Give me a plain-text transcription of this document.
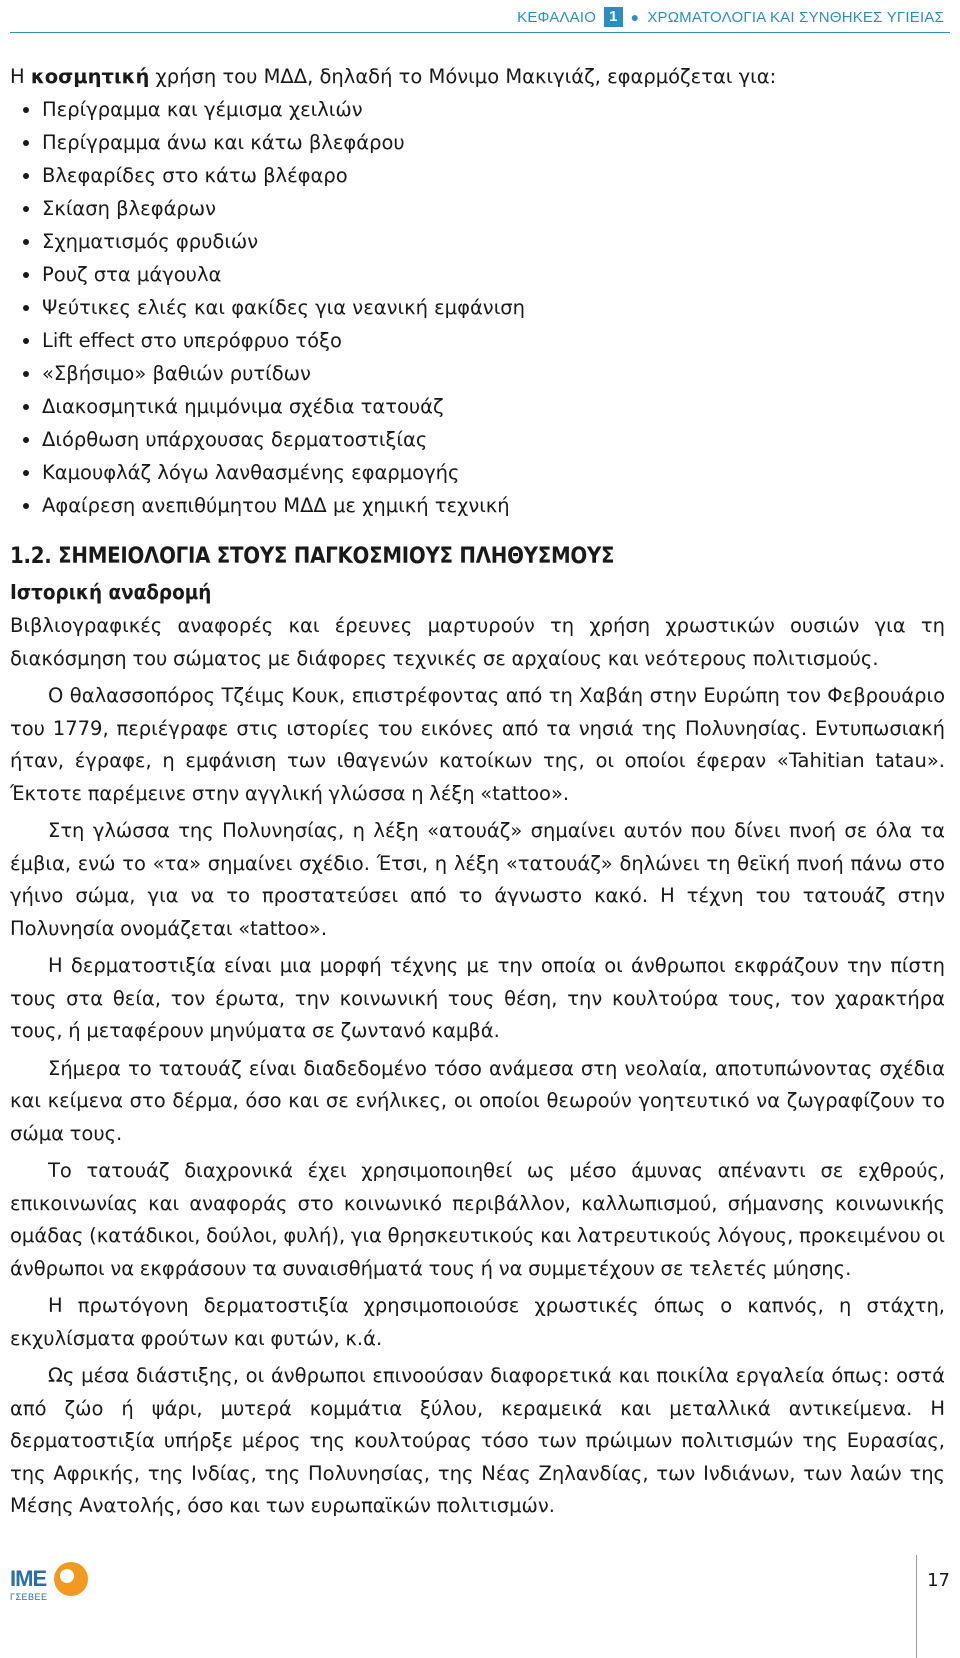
ΚΕΦΑΛΑΙΟ 1 ● ΧΡΩΜΑΤΟΛΟΓΙΑ ΚΑΙ ΣΥΝΘΗΚΕΣ ΥΓΙΕΙΑΣ

Η κοσμητική χρήση του ΜΔΔ, δηλαδή το Μόνιμο Μακιγιάζ, εφαρμόζεται για:

Περίγραμμα και γέμισμα χειλιών
Περίγραμμα άνω και κάτω βλεφάρου
Βλεφαρίδες στο κάτω βλέφαρο
Σκίαση βλεφάρων
Σχηματισμός φρυδιών
Ρουζ στα μάγουλα
Ψεύτικες ελιές και φακίδες για νεανική εμφάνιση
Lift effect στο υπερόφρυο τόξο
«Σβήσιμο» βαθιών ρυτίδων
Διακοσμητικά ημιμόνιμα σχέδια τατουάζ
Διόρθωση υπάρχουσας δερματοστιξίας
Καμουφλάζ λόγω λανθασμένης εφαρμογής
Αφαίρεση ανεπιθύμητου ΜΔΔ με χημική τεχνική
1.2. ΣΗΜΕΙΟΛΟΓΙΑ ΣΤΟΥΣ ΠΑΓΚΟΣΜΙΟΥΣ ΠΛΗΘΥΣΜΟΥΣ
Ιστορική αναδρομή

Βιβλιογραφικές αναφορές και έρευνες μαρτυρούν τη χρήση χρωστικών ουσιών για τη διακόσμηση του σώματος με διάφορες τεχνικές σε αρχαίους και νεότερους πολιτισμούς.

Ο θαλασσοπόρος Τζέιμς Κουκ, επιστρέφοντας από τη Χαβάη στην Ευρώπη τον Φεβρουάριο του 1779, περιέγραφε στις ιστορίες του εικόνες από τα νησιά της Πολυνησίας. Εντυπωσιακή ήταν, έγραφε, η εμφάνιση των ιθαγενών κατοίκων της, οι οποίοι έφεραν «Tahitian tatau». Έκτοτε παρέμεινε στην αγγλική γλώσσα η λέξη «tattoo».

Στη γλώσσα της Πολυνησίας, η λέξη «ατουάζ» σημαίνει αυτόν που δίνει πνοή σε όλα τα έμβια, ενώ το «τα» σημαίνει σχέδιο. Έτσι, η λέξη «τατουάζ» δηλώνει τη θεϊκή πνοή πάνω στο γήινο σώμα, για να το προστατεύσει από το άγνωστο κακό. Η τέχνη του τατουάζ στην Πολυνησία ονομάζεται «tattoo».

Η δερματοστιξία είναι μια μορφή τέχνης με την οποία οι άνθρωποι εκφράζουν την πίστη τους στα θεία, τον έρωτα, την κοινωνική τους θέση, την κουλτούρα τους, τον χαρακτήρα τους, ή μεταφέρουν μηνύματα σε ζωντανό καμβά.

Σήμερα το τατουάζ είναι διαδεδομένο τόσο ανάμεσα στη νεολαία, αποτυπώνοντας σχέδια και κείμενα στο δέρμα, όσο και σε ενήλικες, οι οποίοι θεωρούν γοητευτικό να ζωγραφίζουν το σώμα τους.

Το τατουάζ διαχρονικά έχει χρησιμοποιηθεί ως μέσο άμυνας απέναντι σε εχθρούς, επικοινωνίας και αναφοράς στο κοινωνικό περιβάλλον, καλλωπισμού, σήμανσης κοινωνικής ομάδας (κατάδικοι, δούλοι, φυλή), για θρησκευτικούς και λατρευτικούς λόγους, προκειμένου οι άνθρωποι να εκφράσουν τα συναισθήματά τους ή να συμμετέχουν σε τελετές μύησης.

Η πρωτόγονη δερματοστιξία χρησιμοποιούσε χρωστικές όπως ο καπνός, η στάχτη, εκχυλίσματα φρούτων και φυτών, κ.ά.

Ως μέσα διάστιξης, οι άνθρωποι επινοούσαν διαφορετικά και ποικίλα εργαλεία όπως: οστά από ζώο ή ψάρι, μυτερά κομμάτια ξύλου, κεραμεικά και μεταλλικά αντικείμενα. Η δερματοστιξία υπήρξε μέρος της κουλτούρας τόσο των πρώιμων πολιτισμών της Ευρασίας, της Αφρικής, της Ινδίας, της Πολυνησίας, της Νέας Ζηλανδίας, των Ινδιάνων, των λαών της Μέσης Ανατολής, όσο και των ευρωπαϊκών πολιτισμών.

ΙΜΕ
ΓΣΕΒΕΕ
17
